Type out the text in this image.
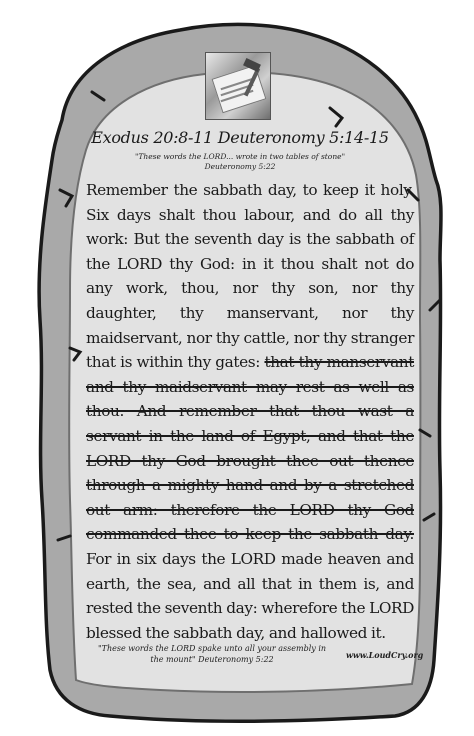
Exodus 20:8-11 Deuteronomy 5:14-15
"These words the LORD... wrote in two tables of stone"
Deuteronomy 5:22
Remember the sabbath day, to keep it holy. Six days shalt thou labour, and do all thy work: But the seventh day is the sabbath of the LORD thy God: in it thou shalt not do any work, thou, nor thy son, nor thy daughter, thy manservant, nor thy maidservant, nor thy cattle, nor thy stranger that is within thy gates: that thy manservant and thy maidservant may rest as well as thou. And remember that thou wast a servant in the land of Egypt, and that the LORD thy God brought thee out thence through a mighty hand and by a stretched out arm: therefore the LORD thy God commanded thee to keep the sabbath day. For in six days the LORD made heaven and earth, the sea, and all that in them is, and rested the seventh day: wherefore the LORD blessed the sabbath day, and hallowed it.
"These words the LORD spake unto all your assembly in
the mount" Deuteronomy 5:22	www.LoudCry.org
